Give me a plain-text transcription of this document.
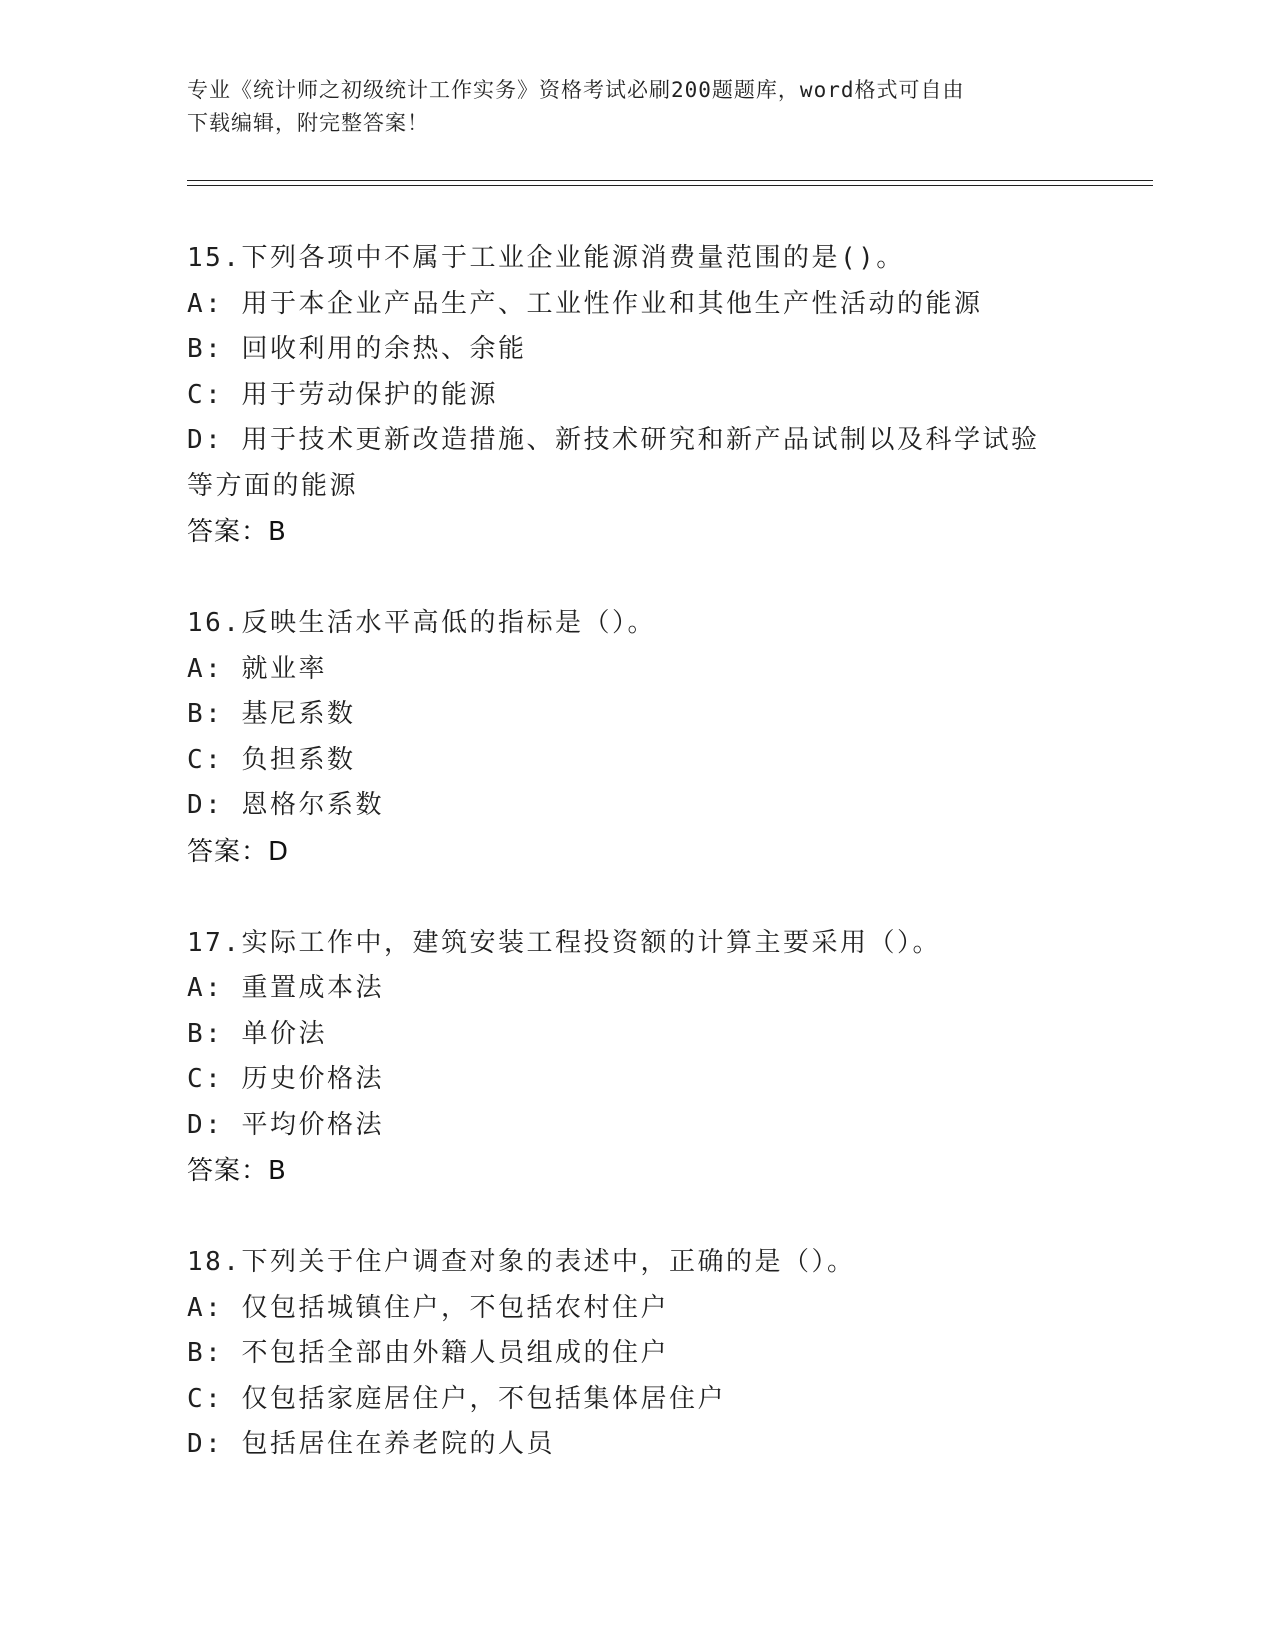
专业《统计师之初级统计工作实务》资格考试必刷200题题库，word格式可自由
下载编辑，附完整答案！

15.下列各项中不属于工业企业能源消费量范围的是()。

A: 用于本企业产品生产、工业性作业和其他生产性活动的能源

B: 回收利用的余热、余能

C: 用于劳动保护的能源

D: 用于技术更新改造措施、新技术研究和新产品试制以及科学试验等方面的能源

答案：B

16.反映生活水平高低的指标是（）。

A: 就业率

B: 基尼系数

C: 负担系数

D: 恩格尔系数

答案：D

17.实际工作中，建筑安装工程投资额的计算主要采用（）。

A: 重置成本法

B: 单价法

C: 历史价格法

D: 平均价格法

答案：B

18.下列关于住户调查对象的表述中，正确的是（）。

A: 仅包括城镇住户，不包括农村住户

B: 不包括全部由外籍人员组成的住户

C: 仅包括家庭居住户，不包括集体居住户

D: 包括居住在养老院的人员
